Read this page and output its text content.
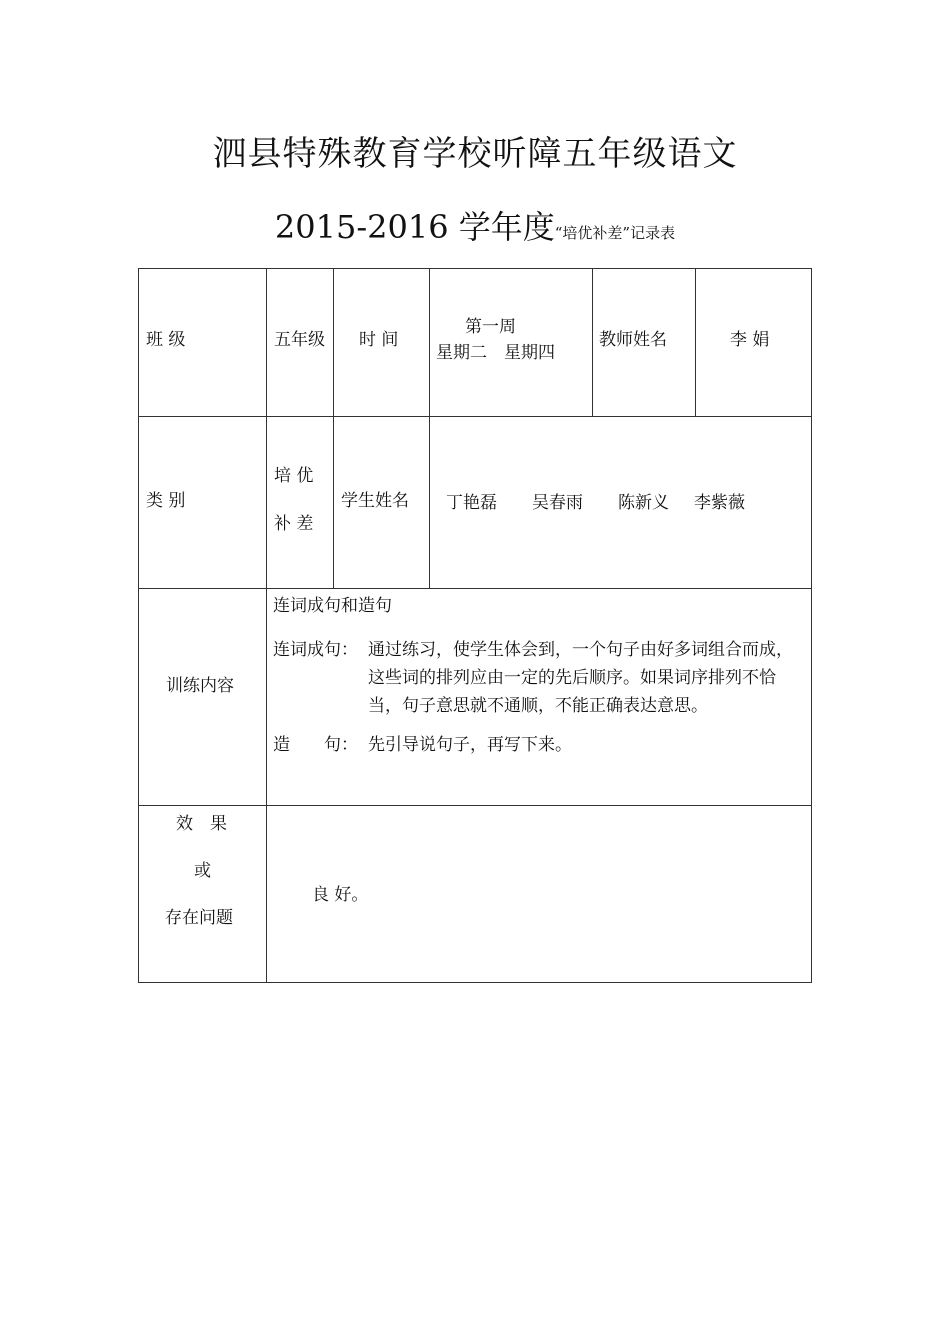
泗县特殊教育学校听障五年级语文
2015-2016 学年度“培优补差”记录表
班 级	五年级 时 间
第一周
星期二　星期四
教师姓名	李 娟
类 别
培 优
补 差
学生姓名 丁艳磊 吴春雨 陈新义 李紫薇
训练内容
连词成句和造句
连词成句： 通过练习，使学生体会到，一个句子由好多词组合而成，这些词的排列应由一定的先后顺序。如果词序排列不恰当，句子意思就不通顺，不能正确表达意思。
造　　句： 先引导说句子，再写下来。
效　果
或
存在问题
良 好。
